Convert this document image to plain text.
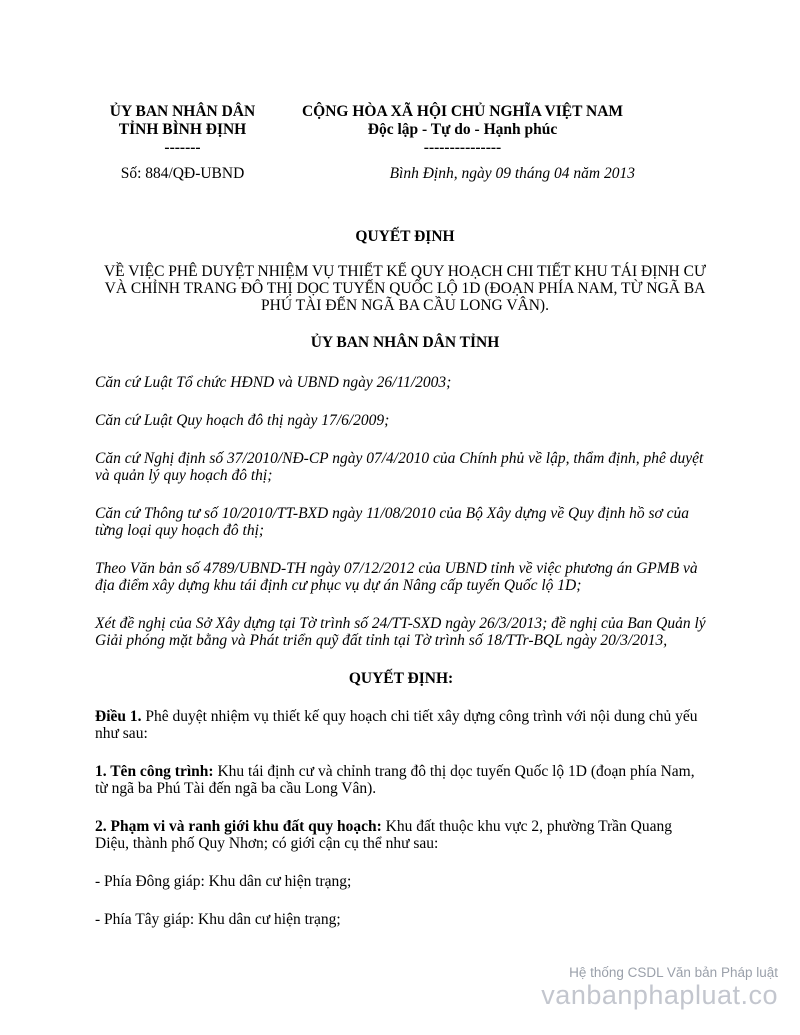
ỦY BAN NHÂN DÂN
TỈNH BÌNH ĐỊNH
-------
CỘNG HÒA XÃ HỘI CHỦ NGHĨA VIỆT NAM
Độc lập - Tự do - Hạnh phúc
---------------
Số: 884/QĐ-UBND	Bình Định, ngày 09 tháng 04 năm 2013
QUYẾT ĐỊNH
VỀ VIỆC PHÊ DUYỆT NHIỆM VỤ THIẾT KẾ QUY HOẠCH CHI TIẾT KHU TÁI ĐỊNH CƯ VÀ CHỈNH TRANG ĐÔ THỊ DỌC TUYẾN QUỐC LỘ 1D (ĐOẠN PHÍA NAM, TỪ NGÃ BA PHÚ TÀI ĐẾN NGÃ BA CẦU LONG VÂN).
ỦY BAN NHÂN DÂN TỈNH

Căn cứ Luật Tổ chức HĐND và UBND ngày 26/11/2003;

Căn cứ Luật Quy hoạch đô thị ngày 17/6/2009;

Căn cứ Nghị định số 37/2010/NĐ-CP ngày 07/4/2010 của Chính phủ về lập, thẩm định, phê duyệt và quản lý quy hoạch đô thị;

Căn cứ Thông tư số 10/2010/TT-BXD ngày 11/08/2010 của Bộ Xây dựng về Quy định hồ sơ của từng loại quy hoạch đô thị;

Theo Văn bản số 4789/UBND-TH ngày 07/12/2012 của UBND tỉnh về việc phương án GPMB và địa điểm xây dựng khu tái định cư phục vụ dự án Nâng cấp tuyến Quốc lộ 1D;

Xét đề nghị của Sở Xây dựng tại Tờ trình số 24/TT-SXD ngày 26/3/2013; đề nghị của Ban Quản lý Giải phóng mặt bằng và Phát triển quỹ đất tỉnh tại Tờ trình số 18/TTr-BQL ngày 20/3/2013,

QUYẾT ĐỊNH:

Điều 1. Phê duyệt nhiệm vụ thiết kế quy hoạch chi tiết xây dựng công trình với nội dung chủ yếu như sau:

1. Tên công trình: Khu tái định cư và chỉnh trang đô thị dọc tuyến Quốc lộ 1D (đoạn phía Nam, từ ngã ba Phú Tài đến ngã ba cầu Long Vân).

2. Phạm vi và ranh giới khu đất quy hoạch: Khu đất thuộc khu vực 2, phường Trần Quang Diệu, thành phố Quy Nhơn; có giới cận cụ thể như sau:

- Phía Đông giáp: Khu dân cư hiện trạng;

- Phía Tây giáp: Khu dân cư hiện trạng;

Hệ thống CSDL Văn bản Pháp luật
vanbanphapluat.co
